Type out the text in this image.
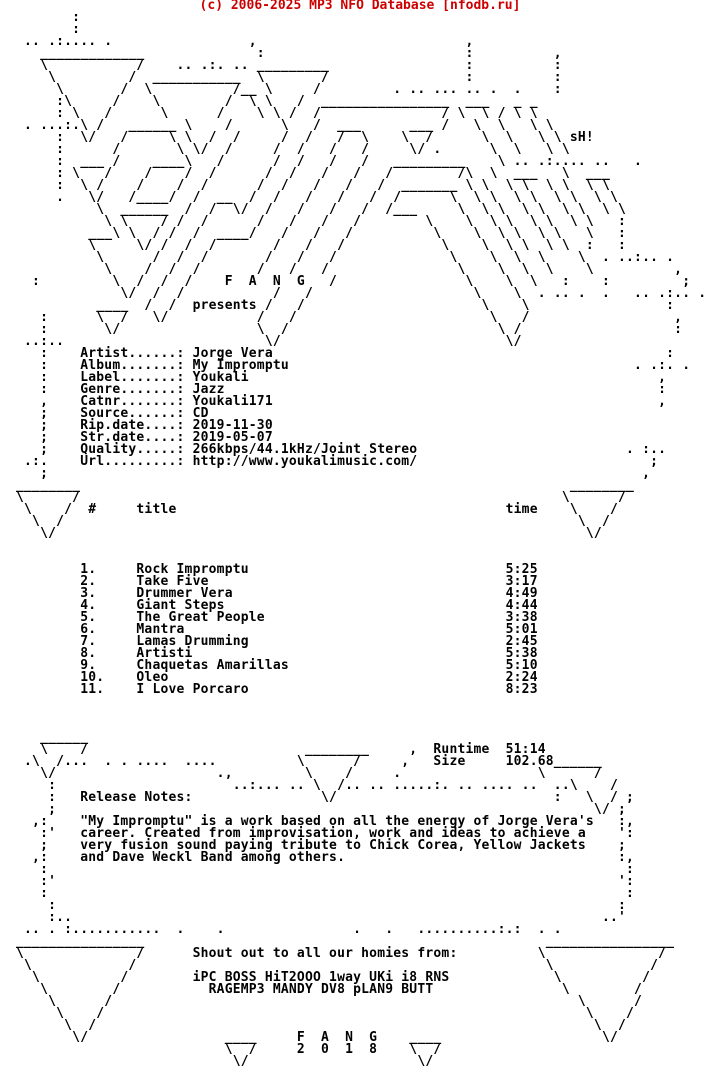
(c) 2006-2025 MP3 NFO Database [nfodb.ru]
:
:
.. .:.... .                 ,                          ,
_____________              :                         :          ,
\           /    .. .:. .. _________                 :          :
\         /  ___________  \       /                 :          :
\       /  \          /__ \     /         . .. ... .. .  .    :
:\     /    \        /  \ \   /  ________________  ___   _ _
: \   /      \      /    \ \ /  /               / \  \ / \ \
. ...:.\ /   ______ \    /      \   /  ___      ___ /   \  \   \ \
:  \/   /     \ \  /  /     /  /   /  \    \  /      \  \   \ \ sH!
:      /       \ \/  /     /  /   /   /     \/ .      \  \   \ \
:  ___ /    ____\   /      /  /   /   /   _________    \ .. .:.... ..   .
: \   /    /    /  /      /  /   /   /   /        /\  \  ___   \  ___
:  \ /    /    /  /      /  /   /   /   /  _______ \ \  \ \  \ \  \ \
.   \/   /____/  /  __  /  /   /   /   /  /      \  \ \  \ \  \ \  \ \
\  ______  /  /  \/  /   /   /   /  /___     \  \ \  \ \  \ \  \ \
\ \    / /  /      /   /   /   /        \    \  \ \  \ \  \ \   :
___\ \  / /  /  ____/   /   /   /          \    \  \ \  \ \   \   :
\     \/ /  /  /       /   /   /            \    \  \ \  \ \  :   :
\      /  /  /       /   /   /              \    \  \  \    \  . ..:.. .
\    /  /  /       /   /   /                \    \  \  \    \          ,
:         \  /  /  /    F  A  N  G   /                \    \  \   :    :         ;
\/  /  /           /   /                    \    \  . .. .  .   .. .:.. .
____  /  /  presents /   /                      \    \                 :
:      \  /   \/           /   /                        \   /                  ,
:       \/                 \  /                          \ /                   :
..:..                         \/                            \/
:    Artist......: Jorge Vera                                                 :
:    Album.......: My Impromptu                                           . .:. .
:    Label.......: Youkali                                                   ,
:    Genre.......: Jazz                                                      :
,    Catnr.......: Youkali171                                                ,
;    Source......: CD
;    Rip.date....: 2019-11-30
;    Str.date....: 2019-05-07
;    Quality.....: 266kbps/44.1kHz/Joint Stereo                          . :..
.:.    Url.........: http://www.youkalimusic.com/                             ;
;                                                                          ,
________                                                             ________
\      /                                                            \      /
\    /  #     title                                         time    \    /
\  /                                                                \  /
\/                                                                  \/

1.     Rock Impromptu                                5:25
2.     Take Five                                     3:17
3.     Drummer Vera                                  4:49
4.     Giant Steps                                   4:44
5.     The Great People                              3:38
6.     Mantra                                        5:01
7.     Lamas Drumming                                2:45
8.     Artisti                                       5:38
9.     Chaquetas Amarillas                           5:10
10.    Oleo                                          2:24
11.    I Love Porcaro                                8:23

______
\    /                           ________     ,  Runtime  51:14
.\  /...  . . ....  ....          \      /     ,   Size     102.68______
\/                    .,         \    /     .                 \      /
:                      ..:... .. \  /.. .. .....:. .. .... ..  ..\    /
:   Release Notes:                \/                           :   \  / ;
;                                                                   \/ ;
,:    "My Impromptu" is a work based on all the energy of Jorge Vera's   :,
:'   career. Created from improvisation, work and ideas to achieve a    ':
;    very fusion sound paying tribute to Chick Corea, Yellow Jackets    ;
,:    and Dave Weckl Band among others.                                  :,
:                                                                        :
:'                                                                      ':
:                                                                        :
:                                                                      :
:..                                                                  ..'
.. . :...........  .    .                .   .   ..........:.:  . .
________________                                                  ________________
\              /      Shout out to all our homies from:          \              /
\            /                                                   \            /
\          /        iPC BOSS HiT2OOO 1way UKi i8 RNS             \          /
\        /           RAGEMP3 MANDY DV8 pLAN9 BUTT                \        /
\      /                                                          \      /
\    /                                                            \    /
\  /                                                              \  /
\/                 ____     F  A  N  G    ____                    \/
\  /     2  0  1  8    \  /
\/                     \/
